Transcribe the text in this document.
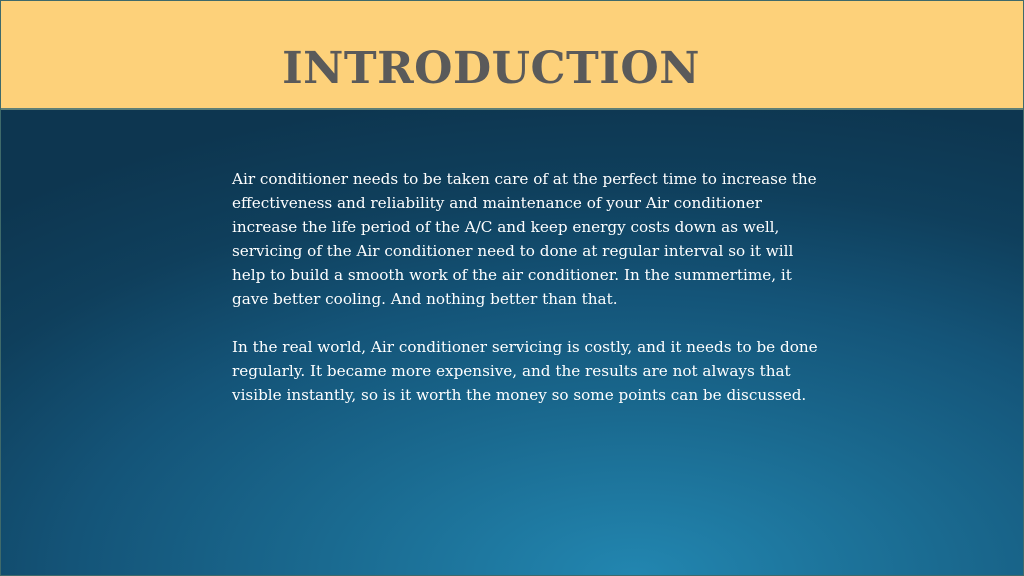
INTRODUCTION

Air conditioner needs to be taken care of at the perfect time to increase the effectiveness and reliability and maintenance of your Air conditioner increase the life period of the A/C and keep energy costs down as well, servicing of the Air conditioner need to done at regular interval so it will help to build a smooth work of the air conditioner. In the summertime, it gave better cooling. And nothing better than that.

In the real world, Air conditioner servicing is costly, and it needs to be done regularly. It became more expensive, and the results are not always that visible instantly, so is it worth the money so some points can be discussed.
